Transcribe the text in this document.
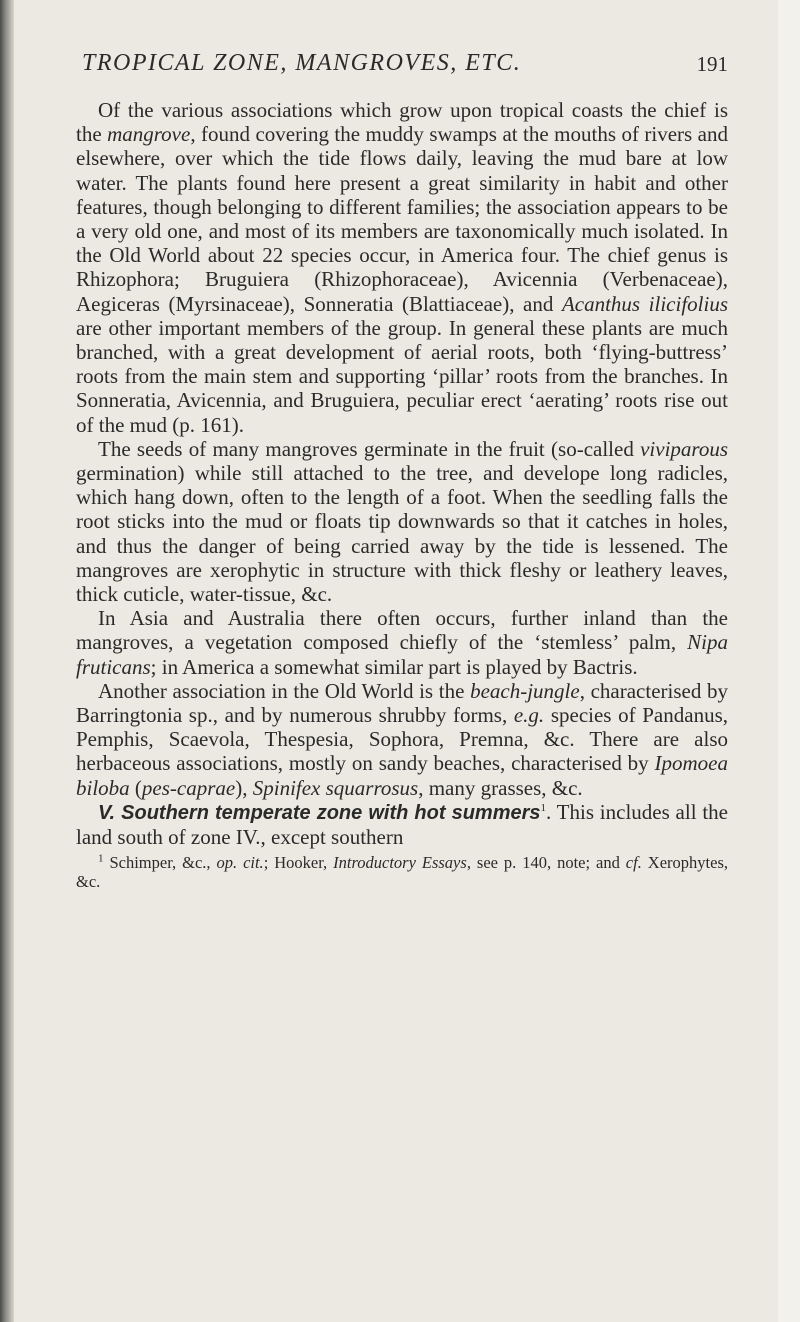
TROPICAL ZONE, MANGROVES, ETC.	191

Of the various associations which grow upon tropical coasts the chief is the mangrove, found covering the muddy swamps at the mouths of rivers and elsewhere, over which the tide flows daily, leaving the mud bare at low water. The plants found here present a great similarity in habit and other features, though belonging to different families; the association appears to be a very old one, and most of its members are taxonomically much isolated. In the Old World about 22 species occur, in America four. The chief genus is Rhizophora; Bruguiera (Rhizophoraceae), Avicennia (Verbenaceae), Aegiceras (Myrsinaceae), Sonneratia (Blattiaceae), and Acanthus ilicifolius are other important members of the group. In general these plants are much branched, with a great development of aerial roots, both ‘flying-buttress’ roots from the main stem and supporting ‘pillar’ roots from the branches. In Sonneratia, Avicennia, and Bruguiera, peculiar erect ‘aerating’ roots rise out of the mud (p. 161).

The seeds of many mangroves germinate in the fruit (so-called viviparous germination) while still attached to the tree, and develope long radicles, which hang down, often to the length of a foot. When the seedling falls the root sticks into the mud or floats tip downwards so that it catches in holes, and thus the danger of being carried away by the tide is lessened. The mangroves are xerophytic in structure with thick fleshy or leathery leaves, thick cuticle, water-tissue, &c.

In Asia and Australia there often occurs, further inland than the mangroves, a vegetation composed chiefly of the ‘stemless’ palm, Nipa fruticans; in America a somewhat similar part is played by Bactris.

Another association in the Old World is the beach-jungle, characterised by Barringtonia sp., and by numerous shrubby forms, e.g. species of Pandanus, Pemphis, Scaevola, Thespesia, Sophora, Premna, &c. There are also herbaceous associations, mostly on sandy beaches, characterised by Ipomoea biloba (pes-caprae), Spinifex squarrosus, many grasses, &c.

V. Southern temperate zone with hot summers$^1$. This includes all the land south of zone IV., except southern

$^1$ Schimper, &c., op. cit.; Hooker, Introductory Essays, see p. 140, note; and cf. Xerophytes, &c.
